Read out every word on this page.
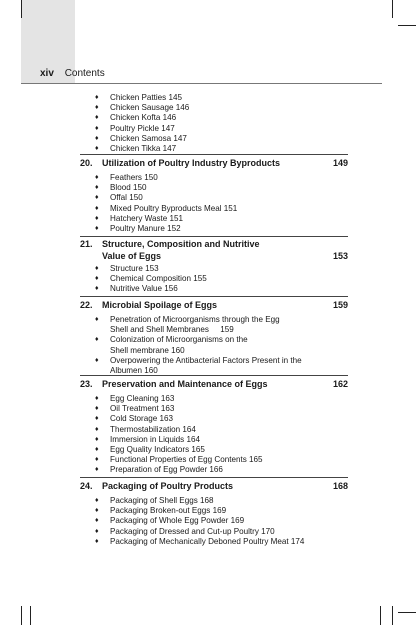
xiv Contents
♦ Chicken Patties 145
♦ Chicken Sausage 146
♦ Chicken Kofta 146
♦ Poultry Pickle 147
♦ Chicken Samosa 147
♦ Chicken Tikka 147
20. Utilization of Poultry Industry Byproducts	149
♦ Feathers 150
♦ Blood 150
♦ Offal 150
♦ Mixed Poultry Byproducts Meal 151
♦ Hatchery Waste 151
♦ Poultry Manure 152
21. Structure, Composition and Nutritive
Value of Eggs	153
♦ Structure 153
♦ Chemical Composition 155
♦ Nutritive Value 156
22. Microbial Spoilage of Eggs	159
♦ Penetration of Microorganisms through the Egg
Shell and Shell Membranes     159
♦ Colonization of Microorganisms on the
Shell membrane 160
♦ Overpowering the Antibacterial Factors Present in the
Albumen 160
23. Preservation and Maintenance of Eggs	162
♦ Egg Cleaning 163
♦ Oil Treatment 163
♦ Cold Storage 163
♦ Thermostabilization 164
♦ Immersion in Liquids 164
♦ Egg Quality Indicators 165
♦ Functional Properties of Egg Contents 165
♦ Preparation of Egg Powder 166
24. Packaging of Poultry Products	168
♦ Packaging of Shell Eggs 168
♦ Packaging Broken-out Eggs 169
♦ Packaging of Whole Egg Powder 169
♦ Packaging of Dressed and Cut-up Poultry 170
♦ Packaging of Mechanically Deboned Poultry Meat 174
